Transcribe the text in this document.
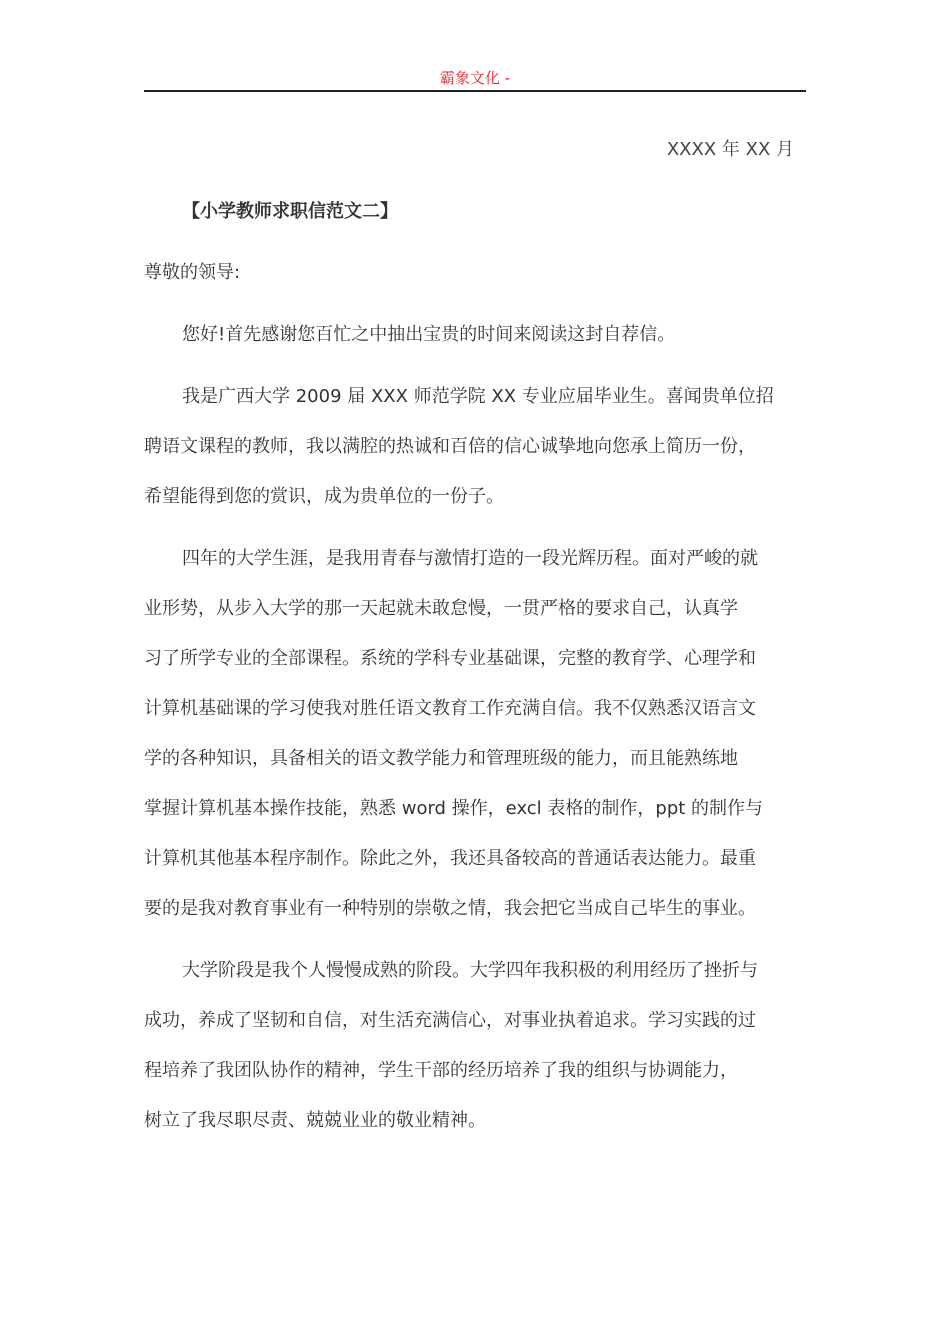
霸象文化 -
XXXX 年 XX 月
【小学教师求职信范文二】
尊敬的领导:
您好!首先感谢您百忙之中抽出宝贵的时间来阅读这封自荐信。
我是广西大学 2009 届 XXX 师范学院 XX 专业应届毕业生。喜闻贵单位招
聘语文课程的教师，我以满腔的热诚和百倍的信心诚挚地向您承上简历一份，
希望能得到您的赏识，成为贵单位的一份子。
四年的大学生涯，是我用青春与激情打造的一段光辉历程。面对严峻的就
业形势，从步入大学的那一天起就未敢怠慢，一贯严格的要求自己，认真学
习了所学专业的全部课程。系统的学科专业基础课，完整的教育学、心理学和
计算机基础课的学习使我对胜任语文教育工作充满自信。我不仅熟悉汉语言文
学的各种知识，具备相关的语文教学能力和管理班级的能力，而且能熟练地
掌握计算机基本操作技能，熟悉 word 操作，excl 表格的制作，ppt 的制作与
计算机其他基本程序制作。除此之外，我还具备较高的普通话表达能力。最重
要的是我对教育事业有一种特别的崇敬之情，我会把它当成自己毕生的事业。
大学阶段是我个人慢慢成熟的阶段。大学四年我积极的利用经历了挫折与
成功，养成了坚韧和自信，对生活充满信心，对事业执着追求。学习实践的过
程培养了我团队协作的精神，学生干部的经历培养了我的组织与协调能力，
树立了我尽职尽责、兢兢业业的敬业精神。
